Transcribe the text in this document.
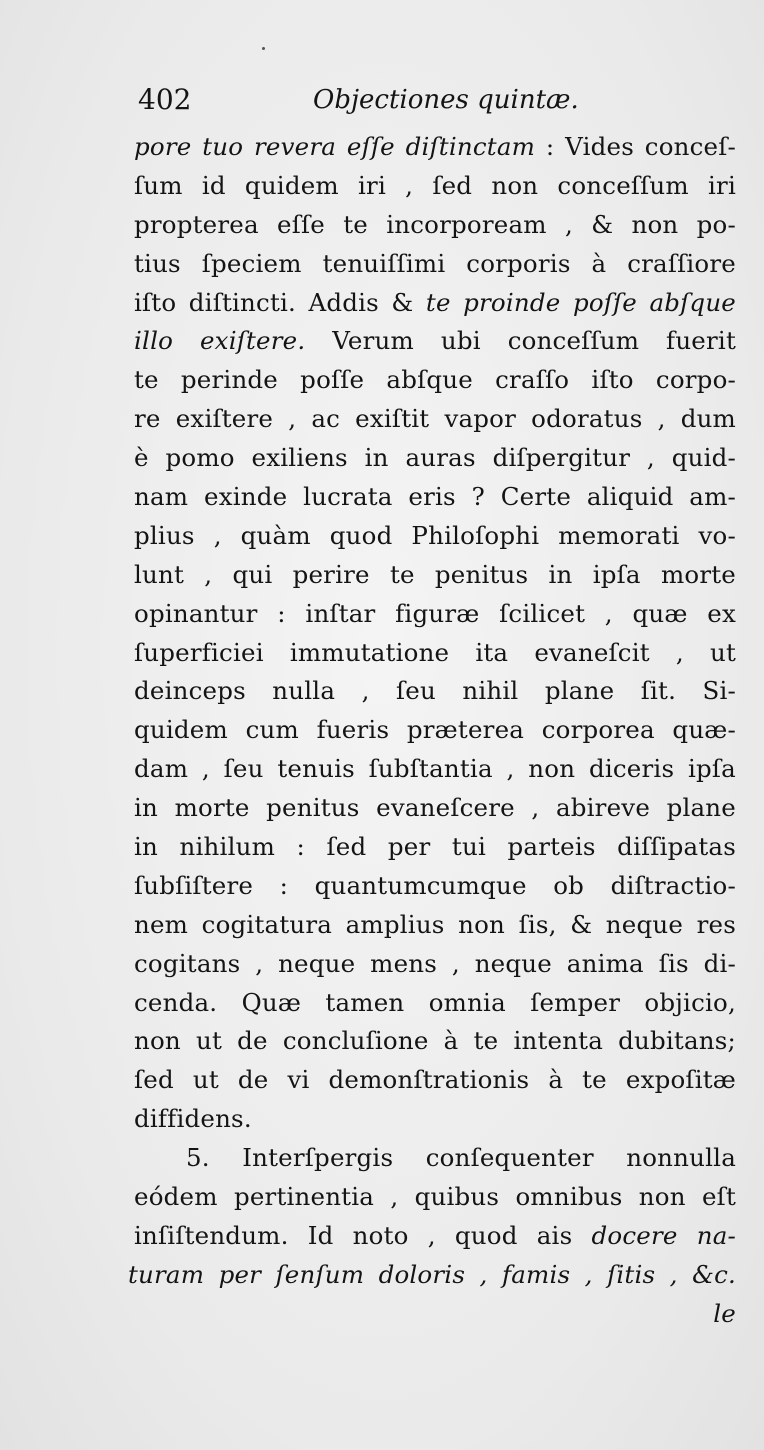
402	Objectiones quintæ.
pore tuo revera eſſe diſtinctam : Vides conceſ-
ſum id quidem iri , ſed non conceſſum iri
propterea eſſe te incorpoream , & non po-
tius ſpeciem tenuiſſimi corporis à craſſiore
iſto diſtincti. Addis & te proinde poſſe abſque
illo exiſtere. Verum ubi conceſſum fuerit
te perinde poſſe abſque craſſo iſto corpo-
re exiſtere , ac exiſtit vapor odoratus , dum
è pomo exiliens in auras diſpergitur , quid-
nam exinde lucrata eris ? Certe aliquid am-
plius , quàm quod Philoſophi memorati vo-
lunt , qui perire te penitus in ipſa morte
opinantur : inſtar figuræ ſcilicet , quæ ex
ſuperficiei immutatione ita evaneſcit , ut
deinceps nulla , ſeu nihil plane ſit. Si-
quidem cum fueris præterea corporea quæ-
dam , ſeu tenuis ſubſtantia , non diceris ipſa
in morte penitus evaneſcere , abireve plane
in nihilum : ſed per tui parteis diſſipatas
ſubſiſtere : quantumcumque ob diſtractio-
nem cogitatura amplius non ſis, & neque res
cogitans , neque mens , neque anima ſis di-
cenda. Quæ tamen omnia ſemper objicio,
non ut de concluſione à te intenta dubitans;
ſed ut de vi demonſtrationis à te expoſitæ
diffidens.
5. Interſpergis conſequenter nonnulla
eódem pertinentia , quibus omnibus non eſt
inſiſtendum. Id noto , quod ais docere na-
turam per ſenſum doloris , famis , ſitis , &c.
le
